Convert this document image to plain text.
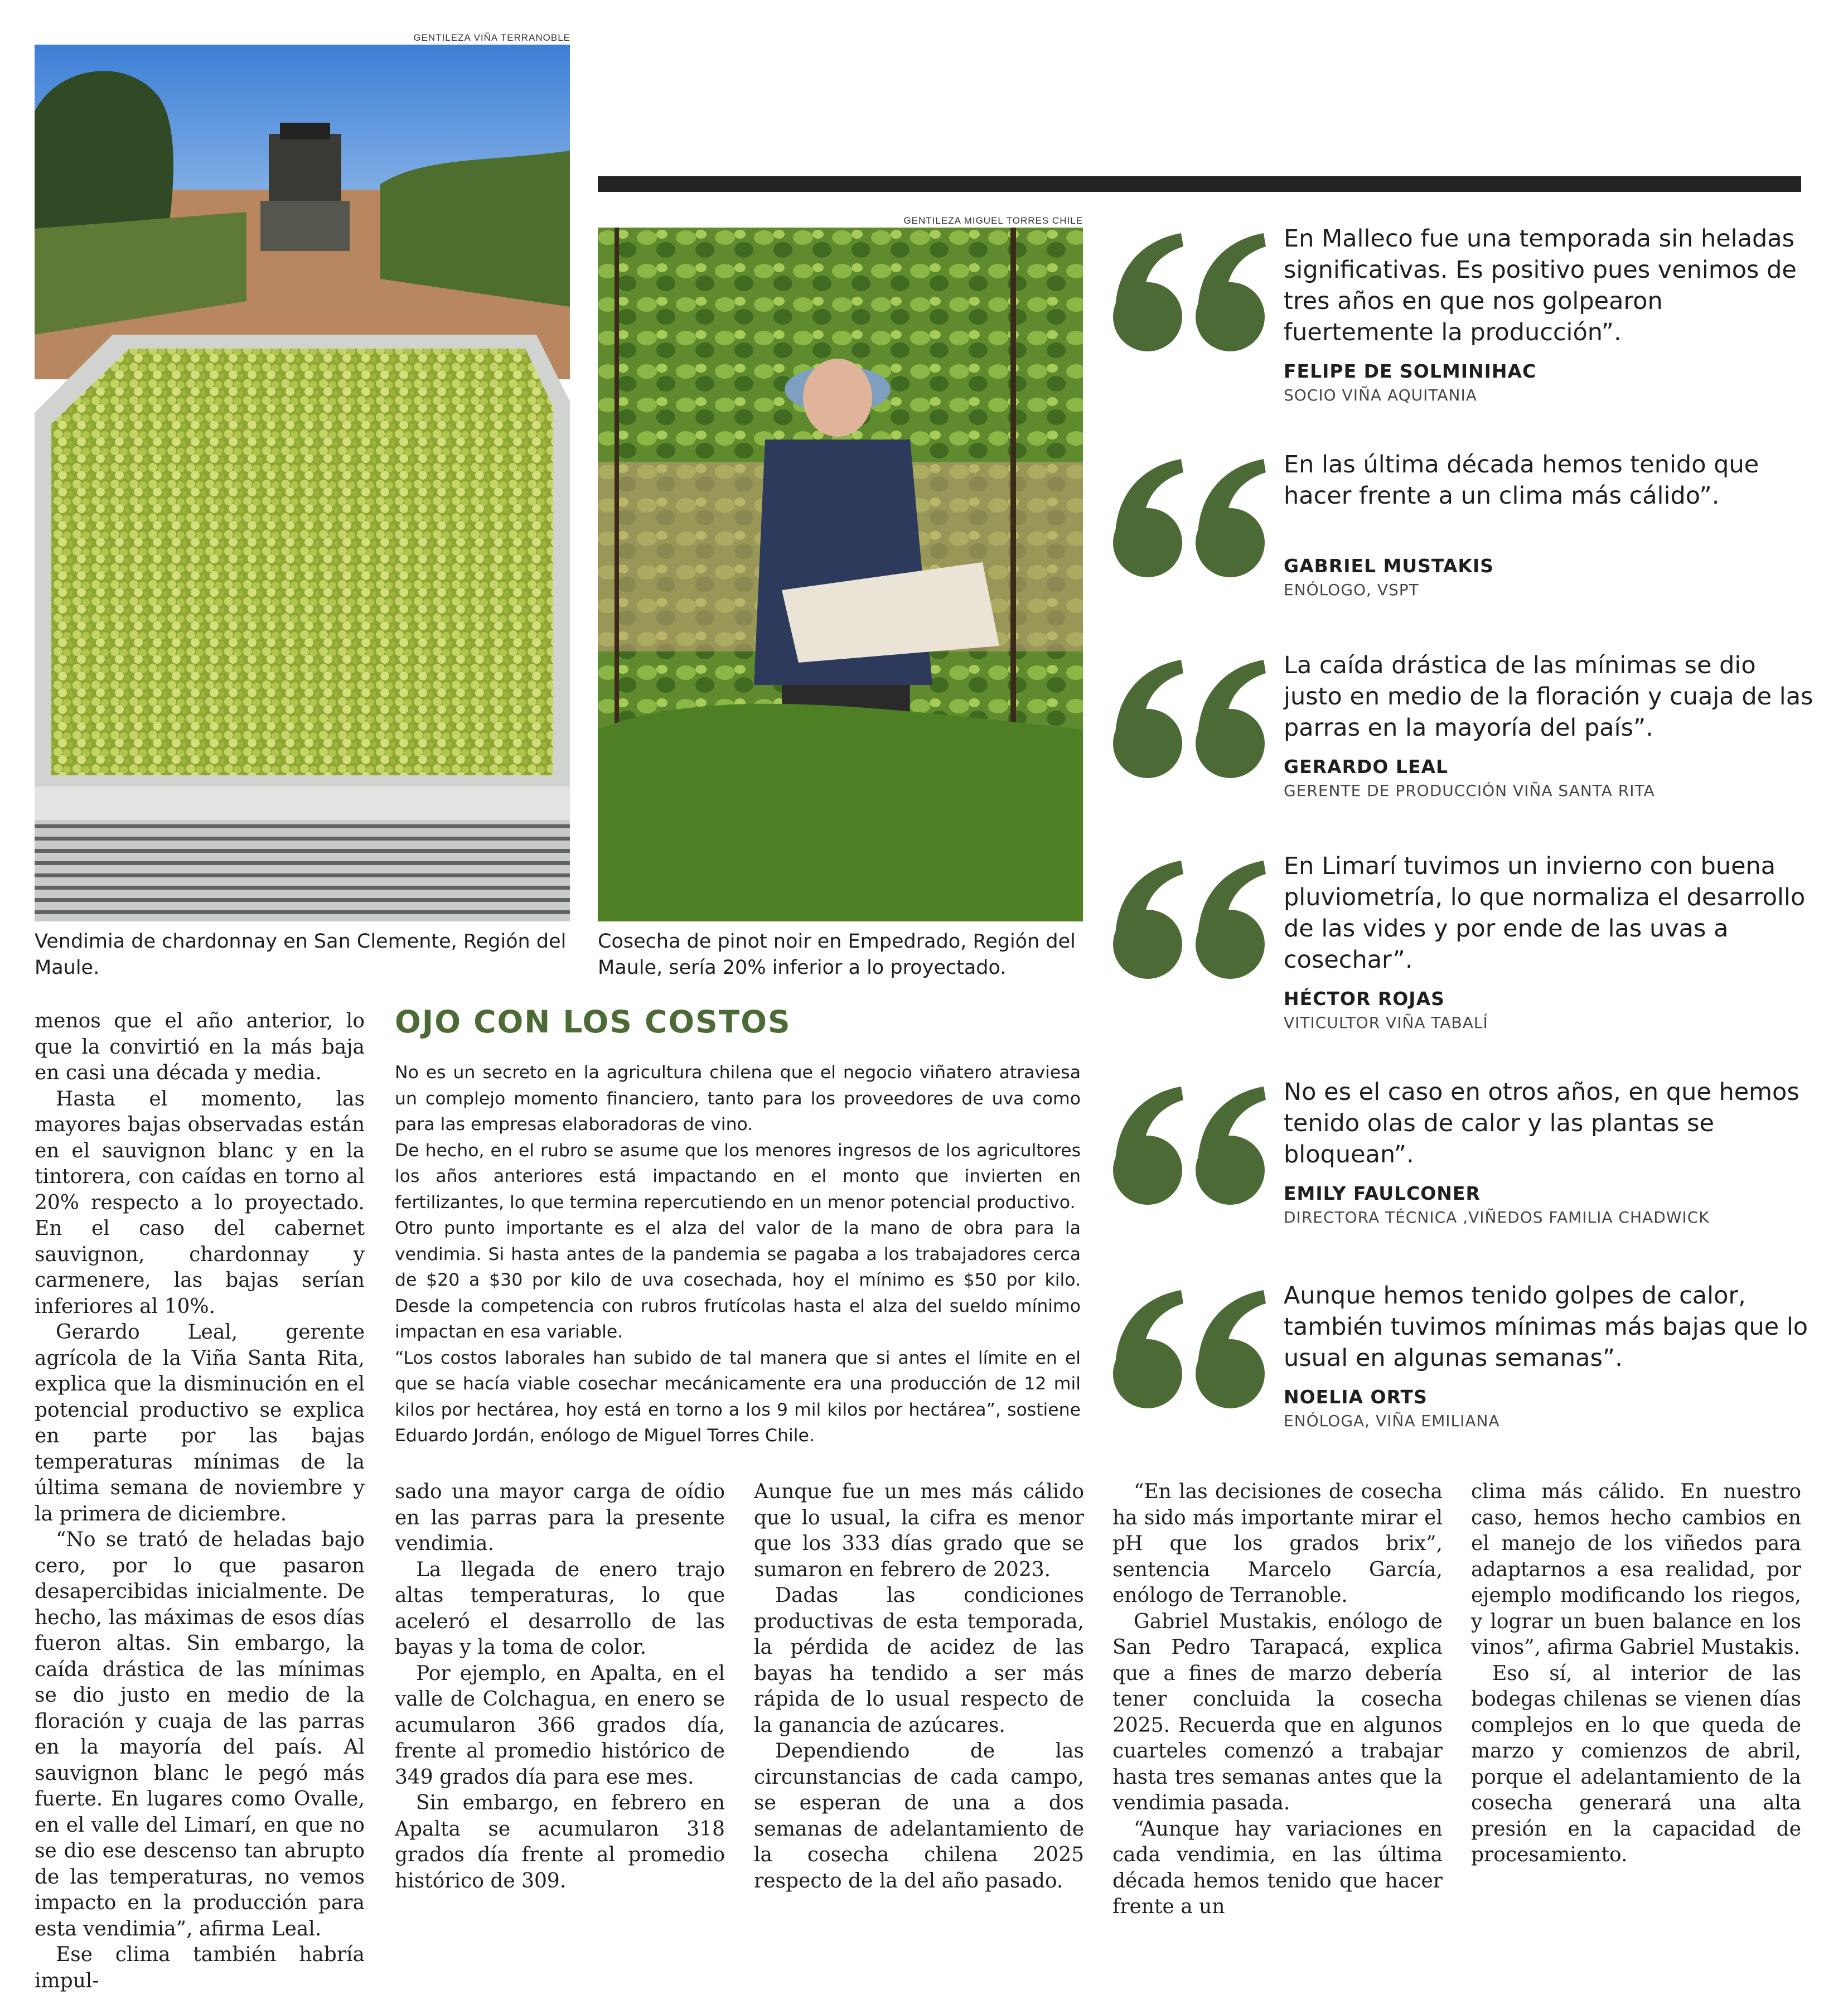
GENTILEZA VIÑA TERRANOBLE
Vendimia de chardonnay en San Clemente, Región del Maule.
GENTILEZA MIGUEL TORRES CHILE
Cosecha de pinot noir en Empedrado, Región del Maule, sería 20% inferior a lo proyectado.
En Malleco fue una temporada sin heladas significativas. Es positivo pues venimos de tres años en que nos golpearon fuertemente la producción”.
FELIPE DE SOLMINIHAC
SOCIO VIÑA AQUITANIA
En las última década hemos tenido que hacer frente a un clima más cálido”.
GABRIEL MUSTAKIS
ENÓLOGO, VSPT
La caída drástica de las mínimas se dio justo en medio de la floración y cuaja de las parras en la mayoría del país”.
GERARDO LEAL
GERENTE DE PRODUCCIÓN VIÑA SANTA RITA
En Limarí tuvimos un invierno con buena pluviometría, lo que normaliza el desarrollo de las vides y por ende de las uvas a cosechar”.
HÉCTOR ROJAS
VITICULTOR VIÑA TABALÍ
No es el caso en otros años, en que hemos tenido olas de calor y las plantas se bloquean”.
EMILY FAULCONER
DIRECTORA TÉCNICA ,VIÑEDOS FAMILIA CHADWICK
Aunque hemos tenido golpes de calor, también tuvimos mínimas más bajas que lo usual en algunas semanas”.
NOELIA ORTS
ENÓLOGA, VIÑA EMILIANA
OJO CON LOS COSTOS

No es un secreto en la agricultura chilena que el negocio viñatero atraviesa un complejo momento financiero, tanto para los proveedores de uva como para las empresas elaboradoras de vino.

De hecho, en el rubro se asume que los menores ingresos de los agricultores los años anteriores está impactando en el monto que invierten en fertilizantes, lo que termina repercutiendo en un menor potencial productivo.

Otro punto importante es el alza del valor de la mano de obra para la vendimia. Si hasta antes de la pandemia se pagaba a los trabajadores cerca de $20 a $30 por kilo de uva cosechada, hoy el mínimo es $50 por kilo. Desde la competencia con rubros frutícolas hasta el alza del sueldo mínimo impactan en esa variable.

“Los costos laborales han subido de tal manera que si antes el límite en el que se hacía viable cosechar mecánicamente era una producción de 12 mil kilos por hectárea, hoy está en torno a los 9 mil kilos por hectárea”, sostiene Eduardo Jordán, enólogo de Miguel Torres Chile.

menos que el año anterior, lo que la convirtió en la más baja en casi una década y media.

Hasta el momento, las mayores bajas observadas están en el sauvignon blanc y en la tintorera, con caídas en torno al 20% respecto a lo proyectado. En el caso del cabernet sauvignon, chardonnay y carmenere, las bajas serían inferiores al 10%.

Gerardo Leal, gerente agrícola de la Viña Santa Rita, explica que la disminución en el potencial productivo se explica en parte por las bajas temperaturas mínimas de la última semana de noviembre y la primera de diciembre.

“No se trató de heladas bajo cero, por lo que pasaron desapercibidas inicialmente. De hecho, las máximas de esos días fueron altas. Sin embargo, la caída drástica de las mínimas se dio justo en medio de la floración y cuaja de las parras en la mayoría del país. Al sauvignon blanc le pegó más fuerte. En lugares como Ovalle, en el valle del Limarí, en que no se dio ese descenso tan abrupto de las temperaturas, no vemos impacto en la producción para esta vendimia”, afirma Leal.

Ese clima también habría impul-

sado una mayor carga de oídio en las parras para la presente vendimia.

La llegada de enero trajo altas temperaturas, lo que aceleró el desarrollo de las bayas y la toma de color.

Por ejemplo, en Apalta, en el valle de Colchagua, en enero se acumularon 366 grados día, frente al promedio histórico de 349 grados día para ese mes.

Sin embargo, en febrero en Apalta se acumularon 318 grados día frente al promedio histórico de 309.

Aunque fue un mes más cálido que lo usual, la cifra es menor que los 333 días grado que se sumaron en febrero de 2023.

Dadas las condiciones productivas de esta temporada, la pérdida de acidez de las bayas ha tendido a ser más rápida de lo usual respecto de la ganancia de azúcares.

Dependiendo de las circunstancias de cada campo, se esperan de una a dos semanas de adelantamiento de la cosecha chilena 2025 respecto de la del año pasado.

“En las decisiones de cosecha ha sido más importante mirar el pH que los grados brix”, sentencia Marcelo García, enólogo de Terranoble.

Gabriel Mustakis, enólogo de San Pedro Tarapacá, explica que a fines de marzo debería tener concluida la cosecha 2025. Recuerda que en algunos cuarteles comenzó a trabajar hasta tres semanas antes que la vendimia pasada.

“Aunque hay variaciones en cada vendimia, en las última década hemos tenido que hacer frente a un

clima más cálido. En nuestro caso, hemos hecho cambios en el manejo de los viñedos para adaptarnos a esa realidad, por ejemplo modificando los riegos, y lograr un buen balance en los vinos”, afirma Gabriel Mustakis.

Eso sí, al interior de las bodegas chilenas se vienen días complejos en lo que queda de marzo y comienzos de abril, porque el adelantamiento de la cosecha generará una alta presión en la capacidad de procesamiento.
